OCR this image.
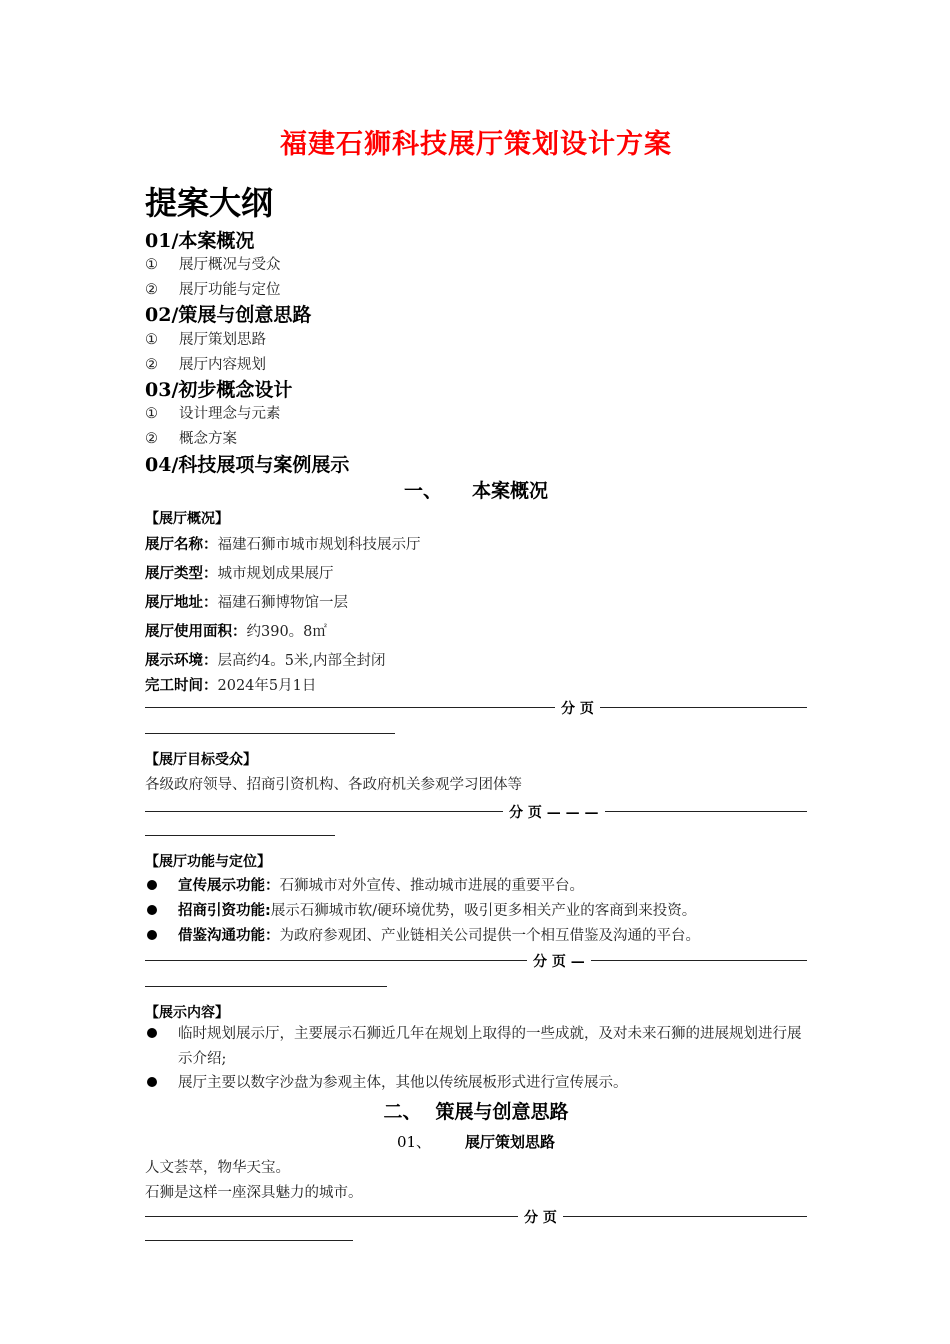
福建石狮科技展厅策划设计方案
提案大纲
01/本案概况
① 展厅概况与受众
② 展厅功能与定位
02/策展与创意思路
① 展厅策划思路
② 展厅内容规划
03/初步概念设计
① 设计理念与元素
② 概念方案
04/科技展项与案例展示
一、 本案概况
【展厅概况】
展厅名称：福建石狮市城市规划科技展示厅
展厅类型：城市规划成果展厅
展厅地址：福建石狮博物馆一层
展厅使用面积：约390。8㎡
展示环境：层高约4。5米,内部全封闭
完工时间：2024年5月1日
分 页
【展厅目标受众】
各级政府领导、招商引资机构、各政府机关参观学习团体等
分 页 — — —
【展厅功能与定位】
宣传展示功能：石狮城市对外宣传、推动城市进展的重要平台。
招商引资功能:展示石狮城市软/硬环境优势，吸引更多相关产业的客商到来投资。
借鉴沟通功能：为政府参观团、产业链相关公司提供一个相互借鉴及沟通的平台。
分 页 —
【展示内容】
临时规划展示厅，主要展示石狮近几年在规划上取得的一些成就，及对未来石狮的进展规划进行展示介绍;
展厅主要以数字沙盘为参观主体，其他以传统展板形式进行宣传展示。
二、 策展与创意思路
01、 展厅策划思路
人文荟萃，物华天宝。
石狮是这样一座深具魅力的城市。
分 页
